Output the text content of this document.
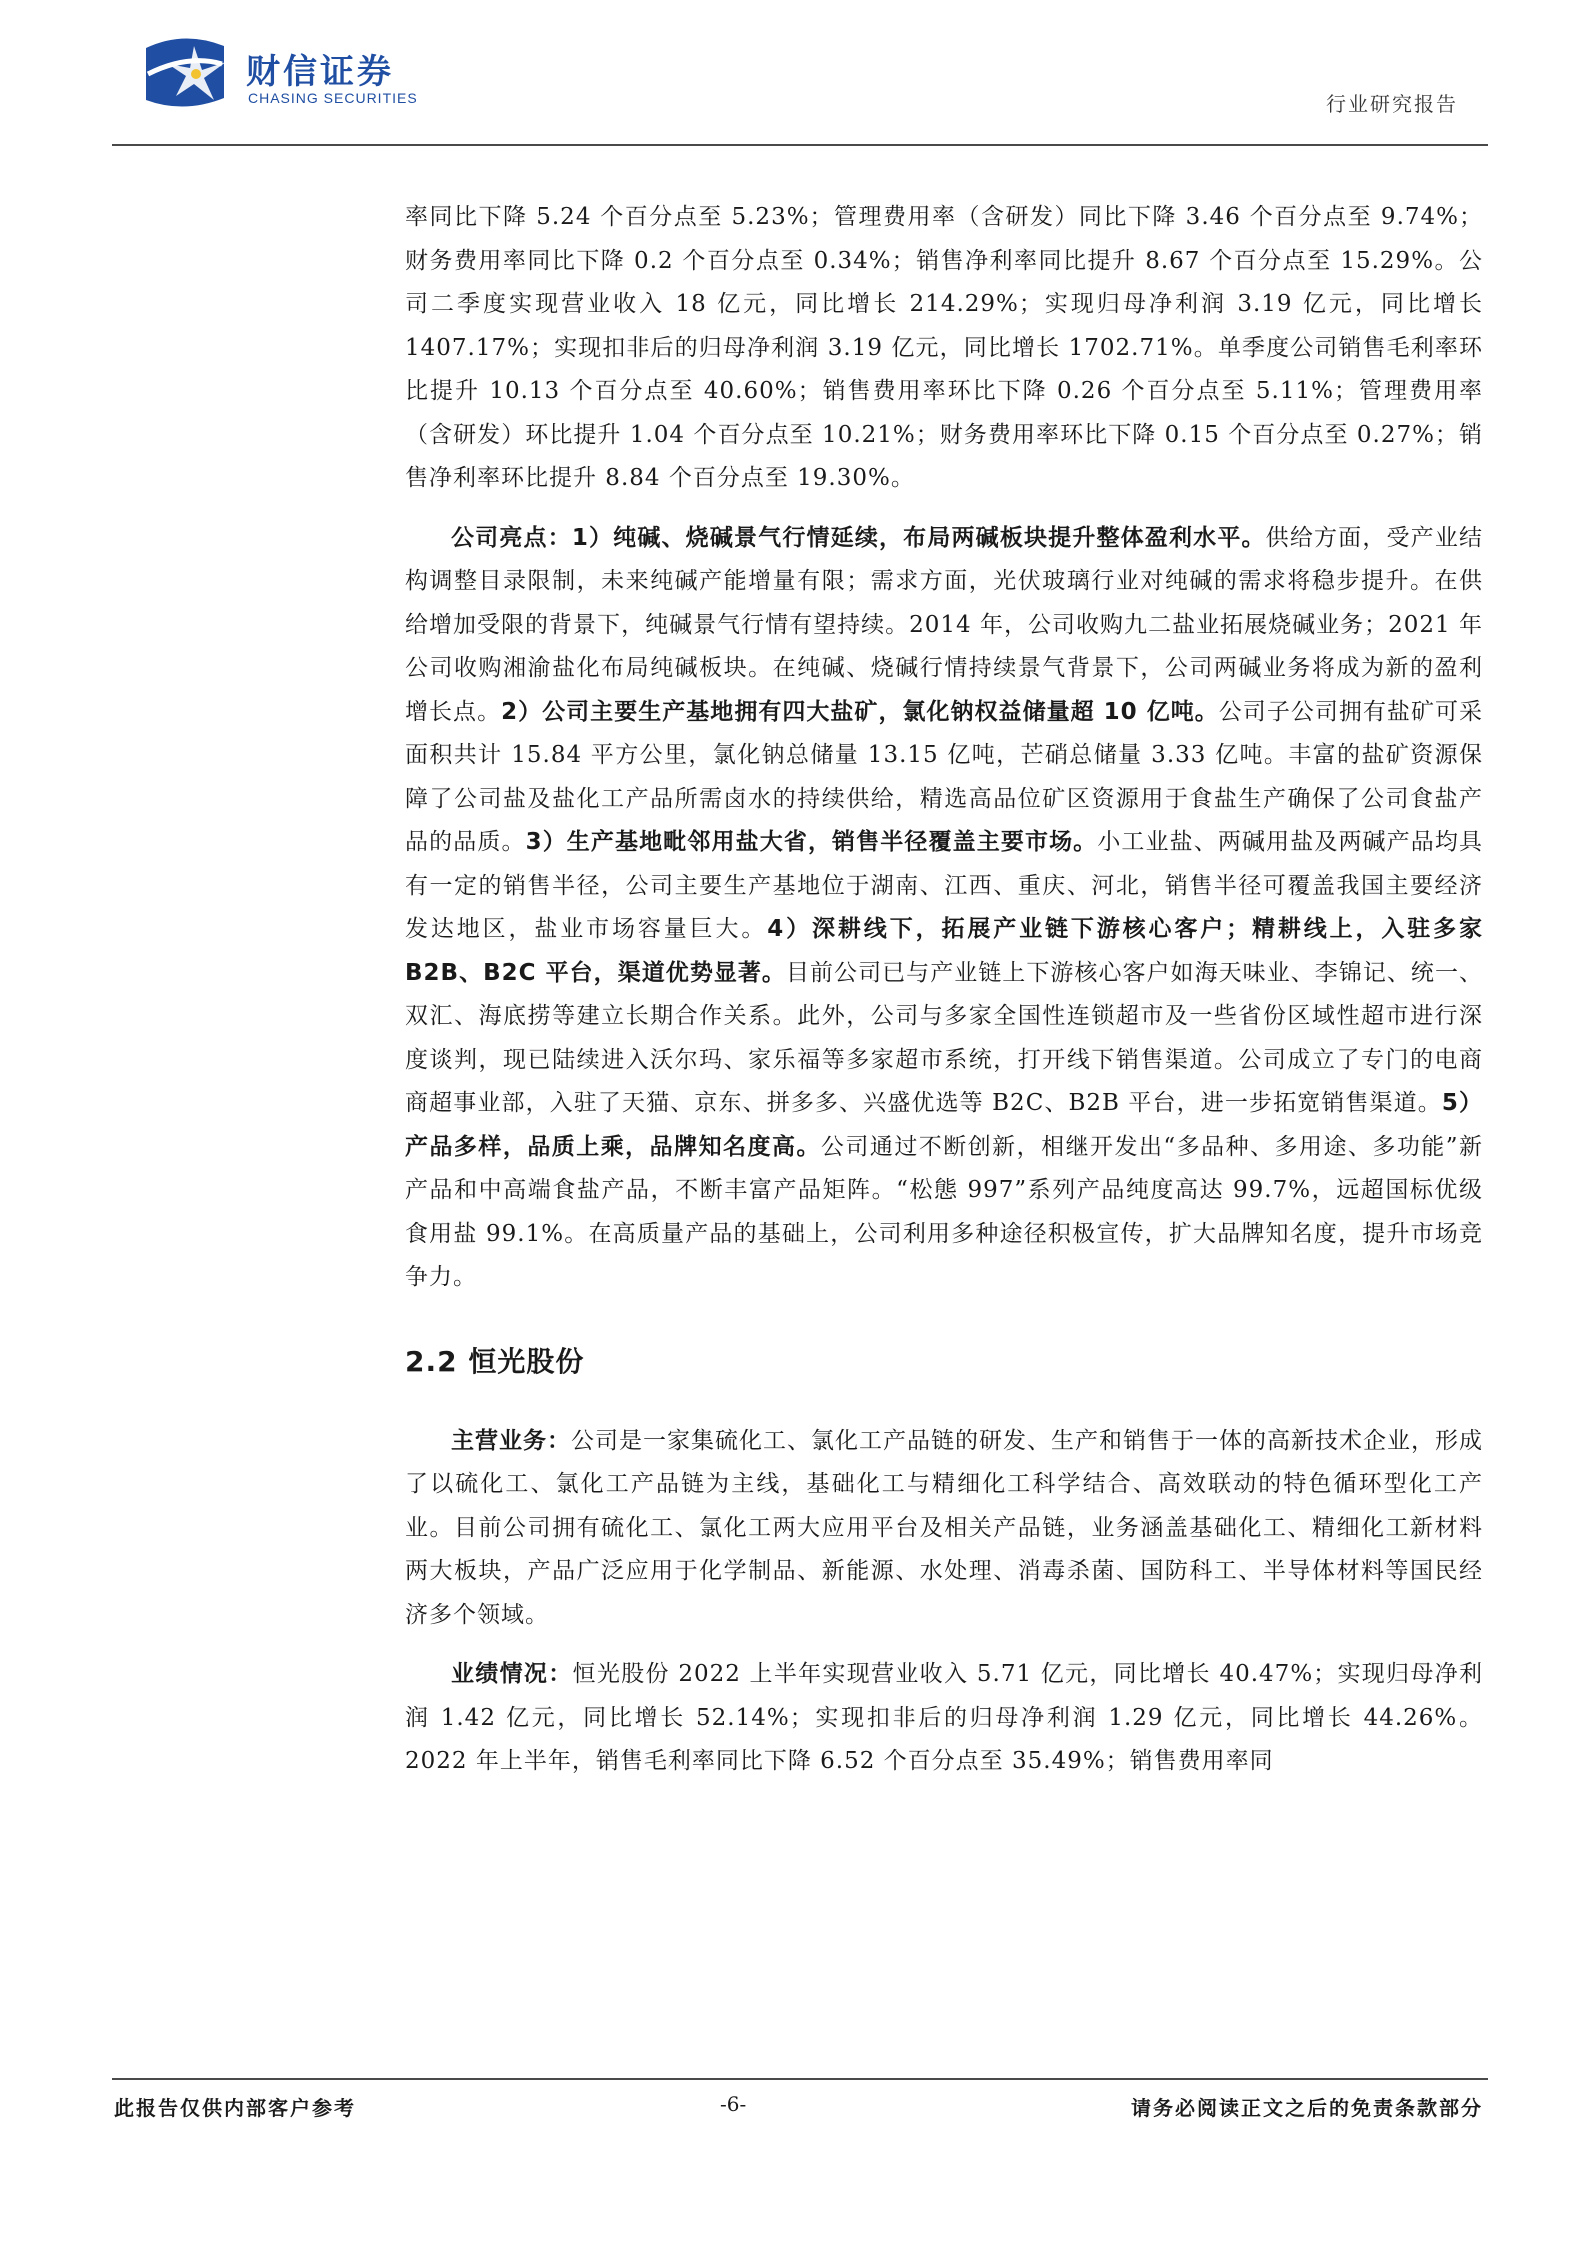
财信证券
CHASING SECURITIES	行业研究报告

率同比下降 5.24 个百分点至 5.23%；管理费用率（含研发）同比下降 3.46 个百分点至 9.74%；财务费用率同比下降 0.2 个百分点至 0.34%；销售净利率同比提升 8.67 个百分点至 15.29%。公司二季度实现营业收入 18 亿元，同比增长 214.29%；实现归母净利润 3.19 亿元，同比增长 1407.17%；实现扣非后的归母净利润 3.19 亿元，同比增长 1702.71%。单季度公司销售毛利率环比提升 10.13 个百分点至 40.60%；销售费用率环比下降 0.26 个百分点至 5.11%；管理费用率（含研发）环比提升 1.04 个百分点至 10.21%；财务费用率环比下降 0.15 个百分点至 0.27%；销售净利率环比提升 8.84 个百分点至 19.30%。

公司亮点：1）纯碱、烧碱景气行情延续，布局两碱板块提升整体盈利水平。供给方面，受产业结构调整目录限制，未来纯碱产能增量有限；需求方面，光伏玻璃行业对纯碱的需求将稳步提升。在供给增加受限的背景下，纯碱景气行情有望持续。2014 年，公司收购九二盐业拓展烧碱业务；2021 年公司收购湘渝盐化布局纯碱板块。在纯碱、烧碱行情持续景气背景下，公司两碱业务将成为新的盈利增长点。2）公司主要生产基地拥有四大盐矿，氯化钠权益储量超 10 亿吨。公司子公司拥有盐矿可采面积共计 15.84 平方公里，氯化钠总储量 13.15 亿吨，芒硝总储量 3.33 亿吨。丰富的盐矿资源保障了公司盐及盐化工产品所需卤水的持续供给，精选高品位矿区资源用于食盐生产确保了公司食盐产品的品质。3）生产基地毗邻用盐大省，销售半径覆盖主要市场。小工业盐、两碱用盐及两碱产品均具有一定的销售半径，公司主要生产基地位于湖南、江西、重庆、河北，销售半径可覆盖我国主要经济发达地区，盐业市场容量巨大。4）深耕线下，拓展产业链下游核心客户；精耕线上，入驻多家 B2B、B2C 平台，渠道优势显著。目前公司已与产业链上下游核心客户如海天味业、李锦记、统一、双汇、海底捞等建立长期合作关系。此外，公司与多家全国性连锁超市及一些省份区域性超市进行深度谈判，现已陆续进入沃尔玛、家乐福等多家超市系统，打开线下销售渠道。公司成立了专门的电商商超事业部，入驻了天猫、京东、拼多多、兴盛优选等 B2C、B2B 平台，进一步拓宽销售渠道。5）产品多样，品质上乘，品牌知名度高。公司通过不断创新，相继开发出“多品种、多用途、多功能”新产品和中高端食盐产品，不断丰富产品矩阵。“松態 997”系列产品纯度高达 99.7%，远超国标优级食用盐 99.1%。在高质量产品的基础上，公司利用多种途径积极宣传，扩大品牌知名度，提升市场竞争力。

2.2 恒光股份

主营业务：公司是一家集硫化工、氯化工产品链的研发、生产和销售于一体的高新技术企业，形成了以硫化工、氯化工产品链为主线，基础化工与精细化工科学结合、高效联动的特色循环型化工产业。目前公司拥有硫化工、氯化工两大应用平台及相关产品链，业务涵盖基础化工、精细化工新材料两大板块，产品广泛应用于化学制品、新能源、水处理、消毒杀菌、国防科工、半导体材料等国民经济多个领域。

业绩情况：恒光股份 2022 上半年实现营业收入 5.71 亿元，同比增长 40.47%；实现归母净利润 1.42 亿元，同比增长 52.14%；实现扣非后的归母净利润 1.29 亿元，同比增长 44.26%。2022 年上半年，销售毛利率同比下降 6.52 个百分点至 35.49%；销售费用率同

此报告仅供内部客户参考	-6-	请务必阅读正文之后的免责条款部分
